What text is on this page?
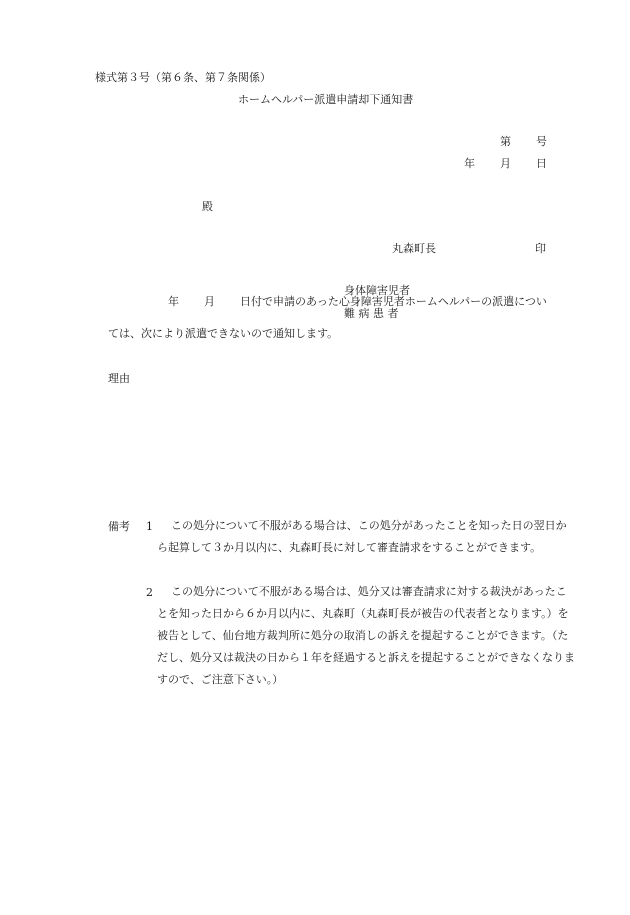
様式第３号（第６条、第７条関係）
ホームヘルパー派遣申請却下通知書
第 号
年 月 日
殿
丸森町長	印
身体障害児者
年 月 日付で申請のあった心身障害児者ホームヘルパーの派遣につい
難 病 患 者
ては、次により派遣できないので通知します。
理由
備考 1	この処分について不服がある場合は、この処分があったことを知った日の翌日から起算して３か月以内に、丸森町長に対して審査請求をすることができます。
2	この処分について不服がある場合は、処分又は審査請求に対する裁決があったことを知った日から６か月以内に、丸森町（丸森町長が被告の代表者となります。）を被告として、仙台地方裁判所に処分の取消しの訴えを提起することができます。（ただし、処分又は裁決の日から１年を経過すると訴えを提起することができなくなりますので、ご注意下さい。）
